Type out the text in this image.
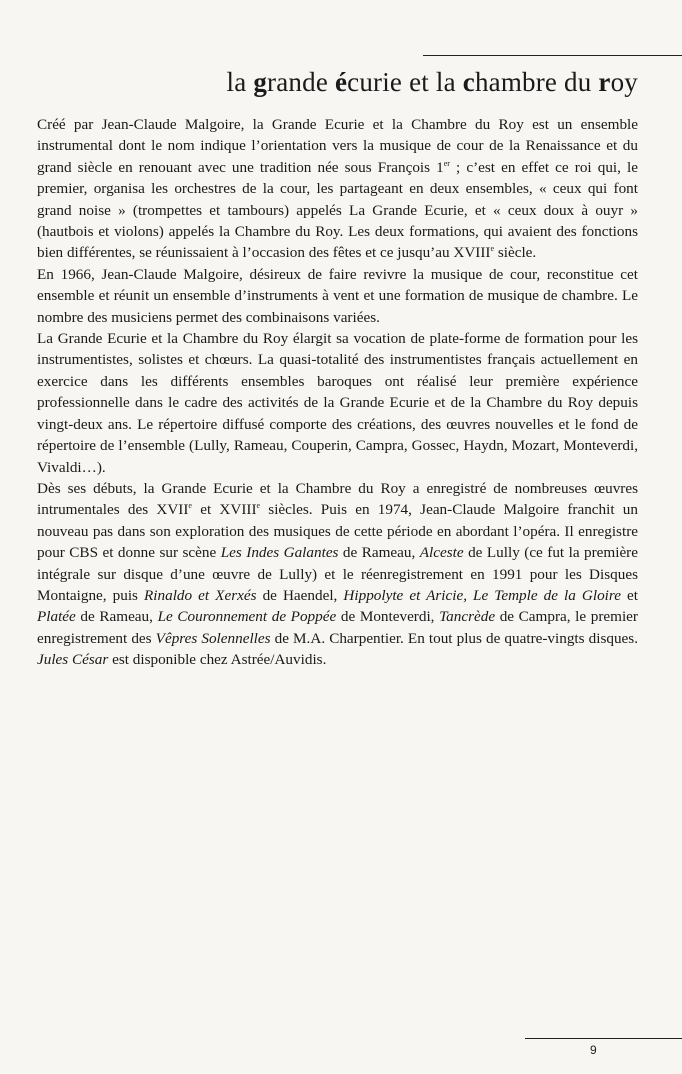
la grande écurie et la chambre du roy

Créé par Jean-Claude Malgoire, la Grande Ecurie et la Chambre du Roy est un ensemble instrumental dont le nom indique l’orientation vers la musique de cour de la Renaissance et du grand siècle en renouant avec une tradition née sous François 1er ; c’est en effet ce roi qui, le premier, organisa les orchestres de la cour, les partageant en deux ensembles, « ceux qui font grand noise » (trompettes et tambours) appelés La Grande Ecurie, et « ceux doux à ouyr » (hautbois et violons) appelés la Chambre du Roy. Les deux formations, qui avaient des fonctions bien différentes, se réunissaient à l’occasion des fêtes et ce jusqu’au XVIIIe siècle.

En 1966, Jean-Claude Malgoire, désireux de faire revivre la musique de cour, reconstitue cet ensemble et réunit un ensemble d’instruments à vent et une formation de musique de chambre. Le nombre des musiciens permet des combinaisons variées.

La Grande Ecurie et la Chambre du Roy élargit sa vocation de plate-forme de formation pour les instrumentistes, solistes et chœurs. La quasi-totalité des instrumentistes français actuellement en exercice dans les différents ensembles baroques ont réalisé leur première expérience professionnelle dans le cadre des activités de la Grande Ecurie et de la Chambre du Roy depuis vingt-deux ans. Le répertoire diffusé comporte des créations, des œuvres nouvelles et le fond de répertoire de l’ensemble (Lully, Rameau, Couperin, Campra, Gossec, Haydn, Mozart, Monteverdi, Vivaldi…).

Dès ses débuts, la Grande Ecurie et la Chambre du Roy a enregistré de nombreuses œuvres intrumentales des XVIIe et XVIIIe siècles. Puis en 1974, Jean-Claude Malgoire franchit un nouveau pas dans son exploration des musiques de cette période en abordant l’opéra. Il enregistre pour CBS et donne sur scène Les Indes Galantes de Rameau, Alceste de Lully (ce fut la première intégrale sur disque d’une œuvre de Lully) et le réenregistrement en 1991 pour les Disques Montaigne, puis Rinaldo et Xerxés de Haendel, Hippolyte et Aricie, Le Temple de la Gloire et Platée de Rameau, Le Couronnement de Poppée de Monteverdi, Tancrède de Campra, le premier enregistrement des Vêpres Solennelles de M.A. Charpentier. En tout plus de quatre-vingts disques. Jules César est disponible chez Astrée/Auvidis.

9
